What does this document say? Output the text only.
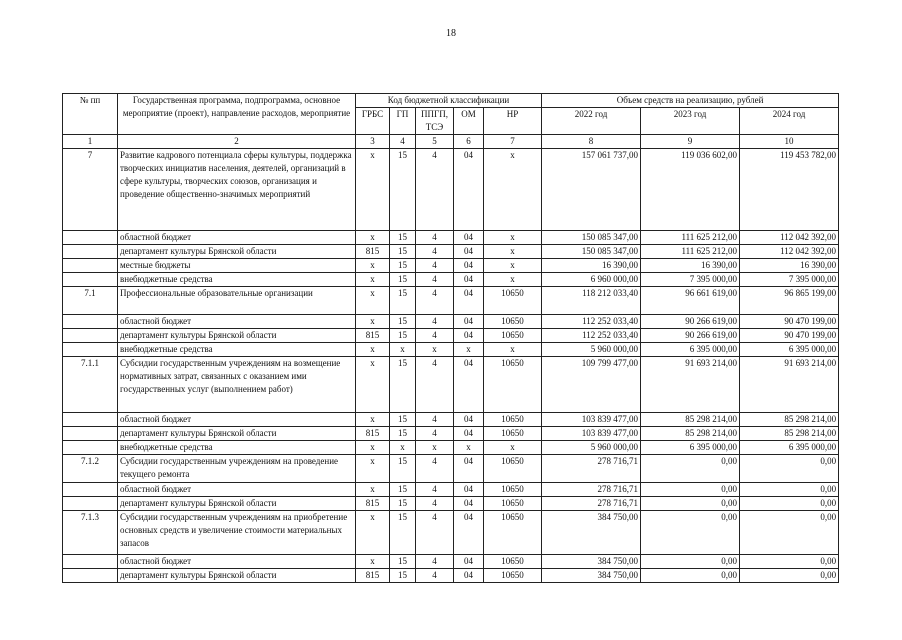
18
№ пп	Государственная программа, подпрограмма, основное мероприятие (проект), направление расходов, мероприятие	Код бюджетной классификации					Объем средств на реализацию, рублей		
		ГРБС	ГП	ППГП, ТСЭ	ОМ	НР	2022 год	2023 год	2024 год
1	2	3	4	5	6	7	8	9	10
7	Развитие кадрового потенциала сферы культуры, поддержка творческих инициатив населения, деятелей, организаций в сфере культуры, творческих союзов, организация и проведение общественно-значимых мероприятий	x	15	4	04	x	157 061 737,00	119 036 602,00	119 453 782,00
	областной бюджет	x	15	4	04	x	150 085 347,00	111 625 212,00	112 042 392,00
	департамент культуры Брянской области	815	15	4	04	x	150 085 347,00	111 625 212,00	112 042 392,00
	местные бюджеты	x	15	4	04	x	16 390,00	16 390,00	16 390,00
	внебюджетные средства	x	15	4	04	x	6 960 000,00	7 395 000,00	7 395 000,00
7.1	Профессиональные образовательные организации	x	15	4	04	10650	118 212 033,40	96 661 619,00	96 865 199,00
	областной бюджет	x	15	4	04	10650	112 252 033,40	90 266 619,00	90 470 199,00
	департамент культуры Брянской области	815	15	4	04	10650	112 252 033,40	90 266 619,00	90 470 199,00
	внебюджетные средства	x	x	x	x	x	5 960 000,00	6 395 000,00	6 395 000,00
7.1.1	Субсидии государственным учреждениям на возмещение нормативных затрат, связанных с оказанием ими государственных услуг (выполнением работ)	x	15	4	04	10650	109 799 477,00	91 693 214,00	91 693 214,00
	областной бюджет	x	15	4	04	10650	103 839 477,00	85 298 214,00	85 298 214,00
	департамент культуры Брянской области	815	15	4	04	10650	103 839 477,00	85 298 214,00	85 298 214,00
	внебюджетные средства	x	x	x	x	x	5 960 000,00	6 395 000,00	6 395 000,00
7.1.2	Субсидии государственным учреждениям на проведение текущего ремонта	x	15	4	04	10650	278 716,71	0,00	0,00
	областной бюджет	x	15	4	04	10650	278 716,71	0,00	0,00
	департамент культуры Брянской области	815	15	4	04	10650	278 716,71	0,00	0,00
7.1.3	Субсидии государственным учреждениям на приобретение основных средств и увеличение стоимости материальных запасов	x	15	4	04	10650	384 750,00	0,00	0,00
	областной бюджет	x	15	4	04	10650	384 750,00	0,00	0,00
	департамент культуры Брянской области	815	15	4	04	10650	384 750,00	0,00	0,00
